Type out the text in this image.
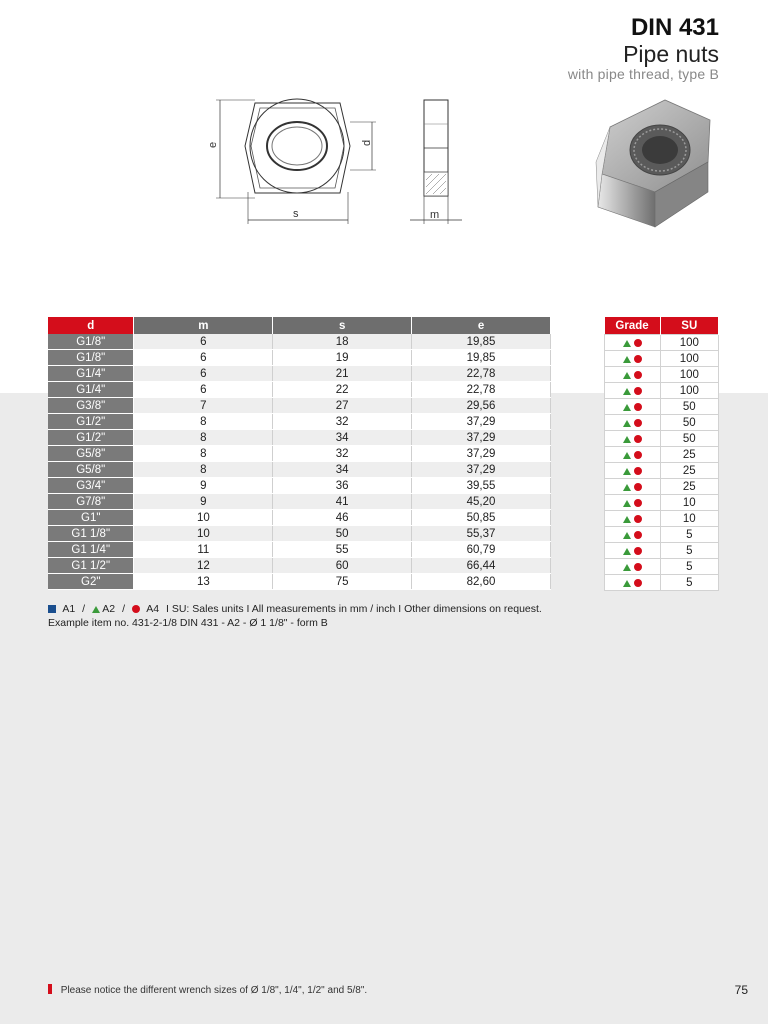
DIN 431
Pipe nuts
with pipe thread, type B
e
s
d
m
d	m	s	e
G1/8"	6	18	19,85
G1/8"	6	19	19,85
G1/4"	6	21	22,78
G1/4"	6	22	22,78
G3/8"	7	27	29,56
G1/2"	8	32	37,29
G1/2"	8	34	37,29
G5/8"	8	32	37,29
G5/8"	8	34	37,29
G3/4"	9	36	39,55
G7/8"	9	41	45,20
G1"	10	46	50,85
G1 1/8"	10	50	55,37
G1 1/4"	11	55	60,79
G1 1/2"	12	60	66,44
G2"	13	75	82,60
Grade	SU
	100
	100
	100
	100
	50
	50
	50
	25
	25
	25
	10
	10
	5
	5
	5
	5
A1 / A2 / A4 I SU: Sales units I All measurements in mm / inch I Other dimensions on request.
Example item no. 431-2-1/8 DIN 431 - A2 - Ø 1 1/8" - form B
Please notice the different wrench sizes of Ø 1/8", 1/4", 1/2" and 5/8".	75
